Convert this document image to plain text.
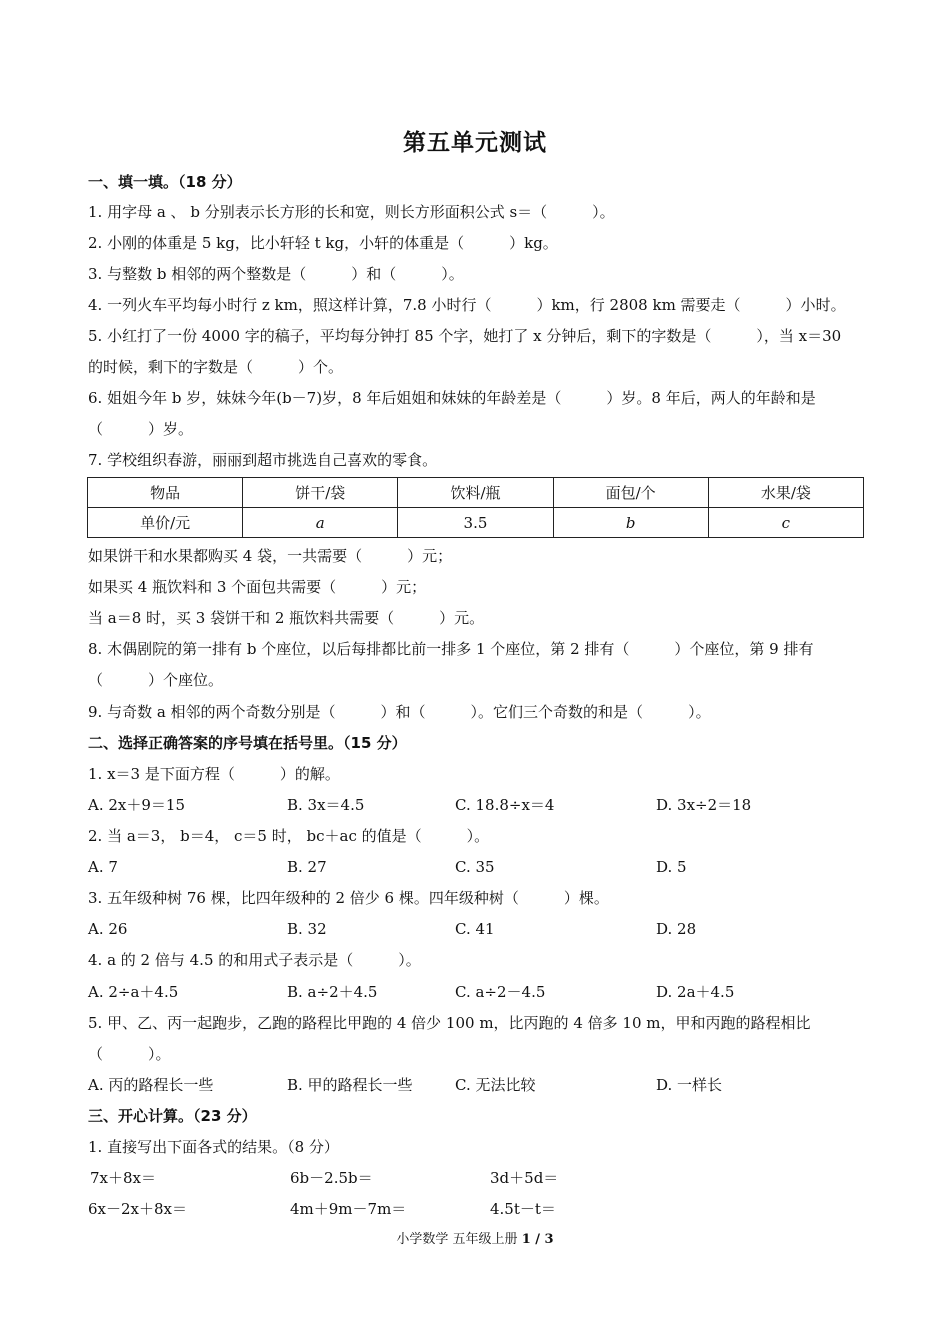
第五单元测试
一、填一填。（18 分）
1. 用字母 a 、 b 分别表示长方形的长和宽，则长方形面积公式 s＝（　　　）。
2. 小刚的体重是 5 kg，比小轩轻 t kg，小轩的体重是（　　　）kg。
3. 与整数 b 相邻的两个整数是（　　　）和（　　　）。
4. 一列火车平均每小时行 z km，照这样计算，7.8 小时行（　　　）km，行 2808 km 需要走（　　　）小时。
5. 小红打了一份 4000 字的稿子，平均每分钟打 85 个字，她打了 x 分钟后，剩下的字数是（　　　），当 x＝30
的时候，剩下的字数是（　　　）个。
6. 姐姐今年 b 岁，妹妹今年(b－7)岁，8 年后姐姐和妹妹的年龄差是（　　　）岁。8 年后，两人的年龄和是
（　　　）岁。
7. 学校组织春游，丽丽到超市挑选自己喜欢的零食。
物品	饼干/袋	饮料/瓶	面包/个	水果/袋
单价/元	a	3.5	b	c
如果饼干和水果都购买 4 袋，一共需要（　　　）元；
如果买 4 瓶饮料和 3 个面包共需要（　　　）元；
当 a＝8 时，买 3 袋饼干和 2 瓶饮料共需要（　　　）元。
8. 木偶剧院的第一排有 b 个座位，以后每排都比前一排多 1 个座位，第 2 排有（　　　）个座位，第 9 排有
（　　　）个座位。
9. 与奇数 a 相邻的两个奇数分别是（　　　）和（　　　）。它们三个奇数的和是（　　　）。
二、选择正确答案的序号填在括号里。（15 分）
1. x＝3 是下面方程（　　　）的解。
A. 2x＋9＝15	B. 3x＝4.5	C. 18.8÷x＝4	D. 3x÷2＝18
2. 当 a＝3， b＝4， c＝5 时， bc＋ac 的值是（　　　）。
A. 7	B. 27	C. 35	D. 5
3. 五年级种树 76 棵，比四年级种的 2 倍少 6 棵。四年级种树（　　　）棵。
A. 26	B. 32	C. 41	D. 28
4. a 的 2 倍与 4.5 的和用式子表示是（　　　）。
A. 2÷a＋4.5	B. a÷2＋4.5	C. a÷2－4.5	D. 2a＋4.5
5. 甲、乙、丙一起跑步，乙跑的路程比甲跑的 4 倍少 100 m，比丙跑的 4 倍多 10 m，甲和丙跑的路程相比
（　　　）。
A. 丙的路程长一些	B. 甲的路程长一些	C. 无法比较	D. 一样长
三、开心计算。（23 分）
1. 直接写出下面各式的结果。（8 分）
7x＋8x＝	6b－2.5b＝	3d＋5d＝
6x－2x＋8x＝	4m＋9m－7m＝	4.5t－t＝
小学数学 五年级上册 1 / 3
